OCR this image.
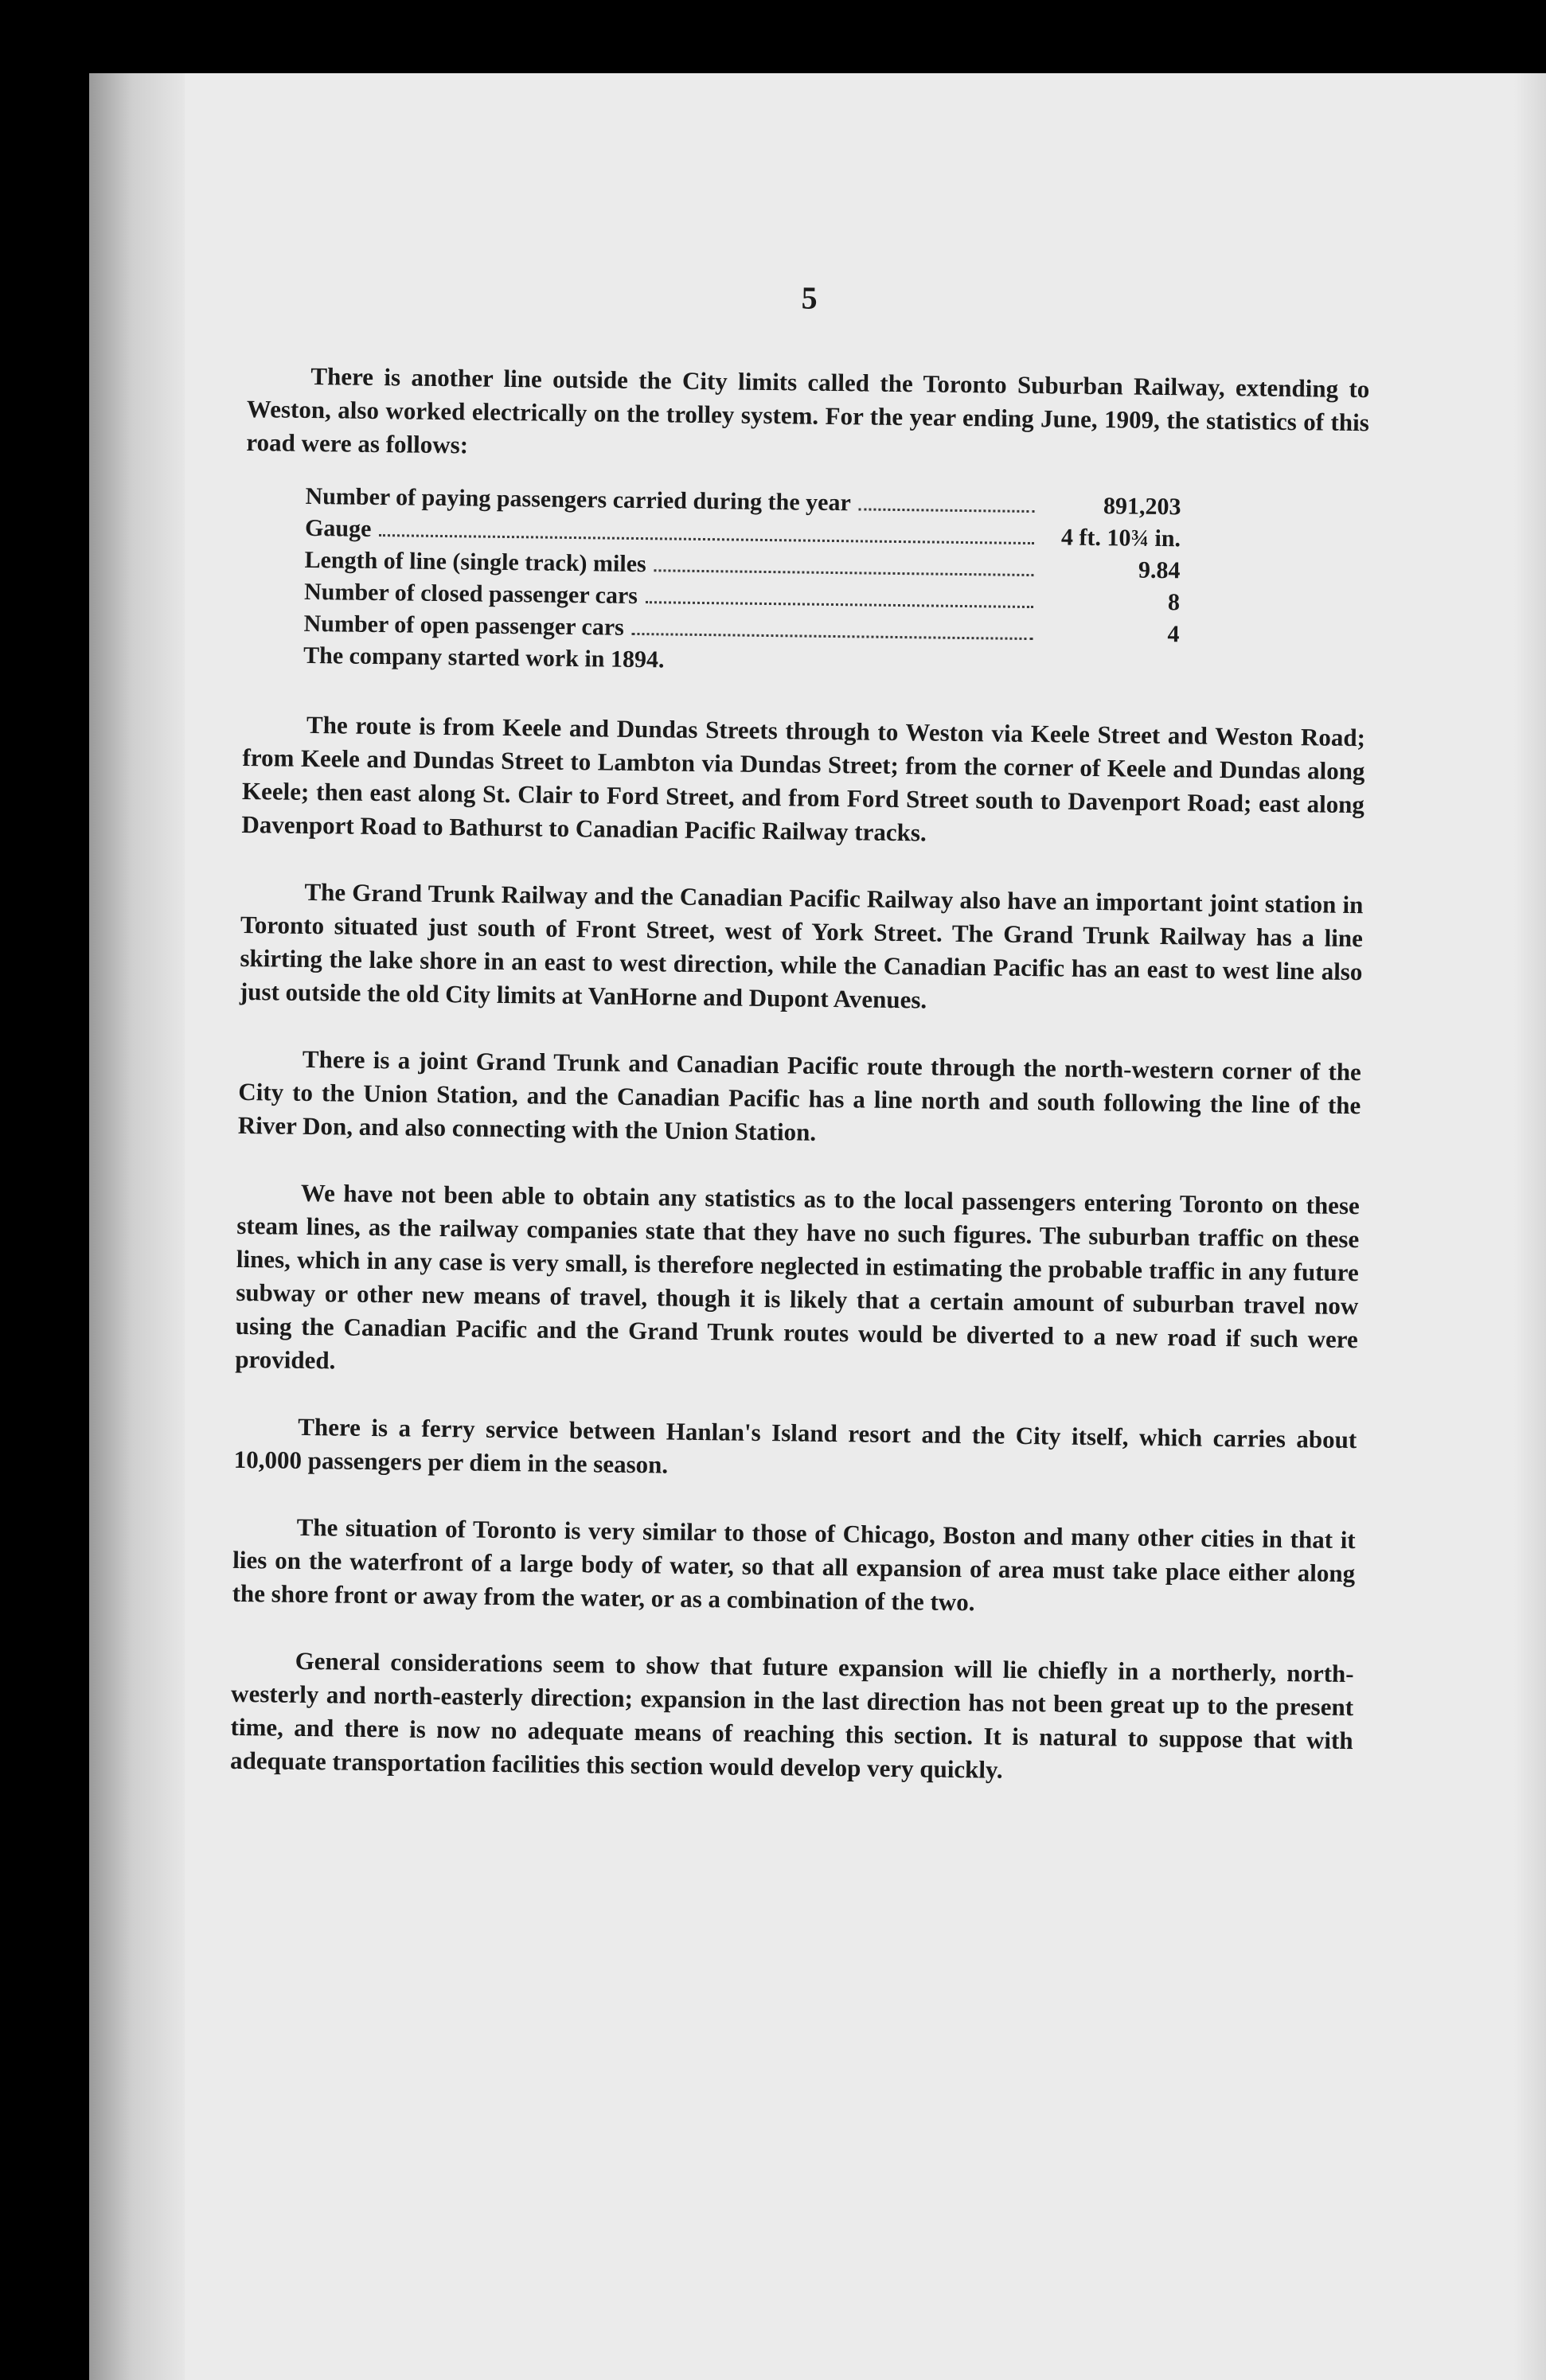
5

There is another line outside the City limits called the Toronto Suburban Railway, extending to Weston, also worked electrically on the trolley system. For the year ending June, 1909, the statistics of this road were as follows:

Number of paying passengers carried during the year	891,203
Gauge	4 ft. 10¾ in.
Length of line (single track) miles	9.84
Number of closed passenger cars	8
Number of open passenger cars	4
The company started work in 1894.

The route is from Keele and Dundas Streets through to Weston via Keele Street and Weston Road; from Keele and Dundas Street to Lambton via Dundas Street; from the corner of Keele and Dundas along Keele; then east along St. Clair to Ford Street, and from Ford Street south to Davenport Road; east along Davenport Road to Bathurst to Canadian Pacific Railway tracks.

The Grand Trunk Railway and the Canadian Pacific Railway also have an important joint station in Toronto situated just south of Front Street, west of York Street. The Grand Trunk Railway has a line skirting the lake shore in an east to west direction, while the Canadian Pacific has an east to west line also just outside the old City limits at VanHorne and Dupont Avenues.

There is a joint Grand Trunk and Canadian Pacific route through the north-western corner of the City to the Union Station, and the Canadian Pacific has a line north and south following the line of the River Don, and also connecting with the Union Station.

We have not been able to obtain any statistics as to the local passengers entering Toronto on these steam lines, as the railway companies state that they have no such figures. The suburban traffic on these lines, which in any case is very small, is therefore neglected in estimating the probable traffic in any future subway or other new means of travel, though it is likely that a certain amount of suburban travel now using the Canadian Pacific and the Grand Trunk routes would be diverted to a new road if such were provided.

There is a ferry service between Hanlan's Island resort and the City itself, which carries about 10,000 passengers per diem in the season.

The situation of Toronto is very similar to those of Chicago, Boston and many other cities in that it lies on the waterfront of a large body of water, so that all expansion of area must take place either along the shore front or away from the water, or as a combination of the two.

General considerations seem to show that future expansion will lie chiefly in a northerly, north-westerly and north-easterly direction; expansion in the last direction has not been great up to the present time, and there is now no adequate means of reaching this section. It is natural to suppose that with adequate transportation facilities this section would develop very quickly.
